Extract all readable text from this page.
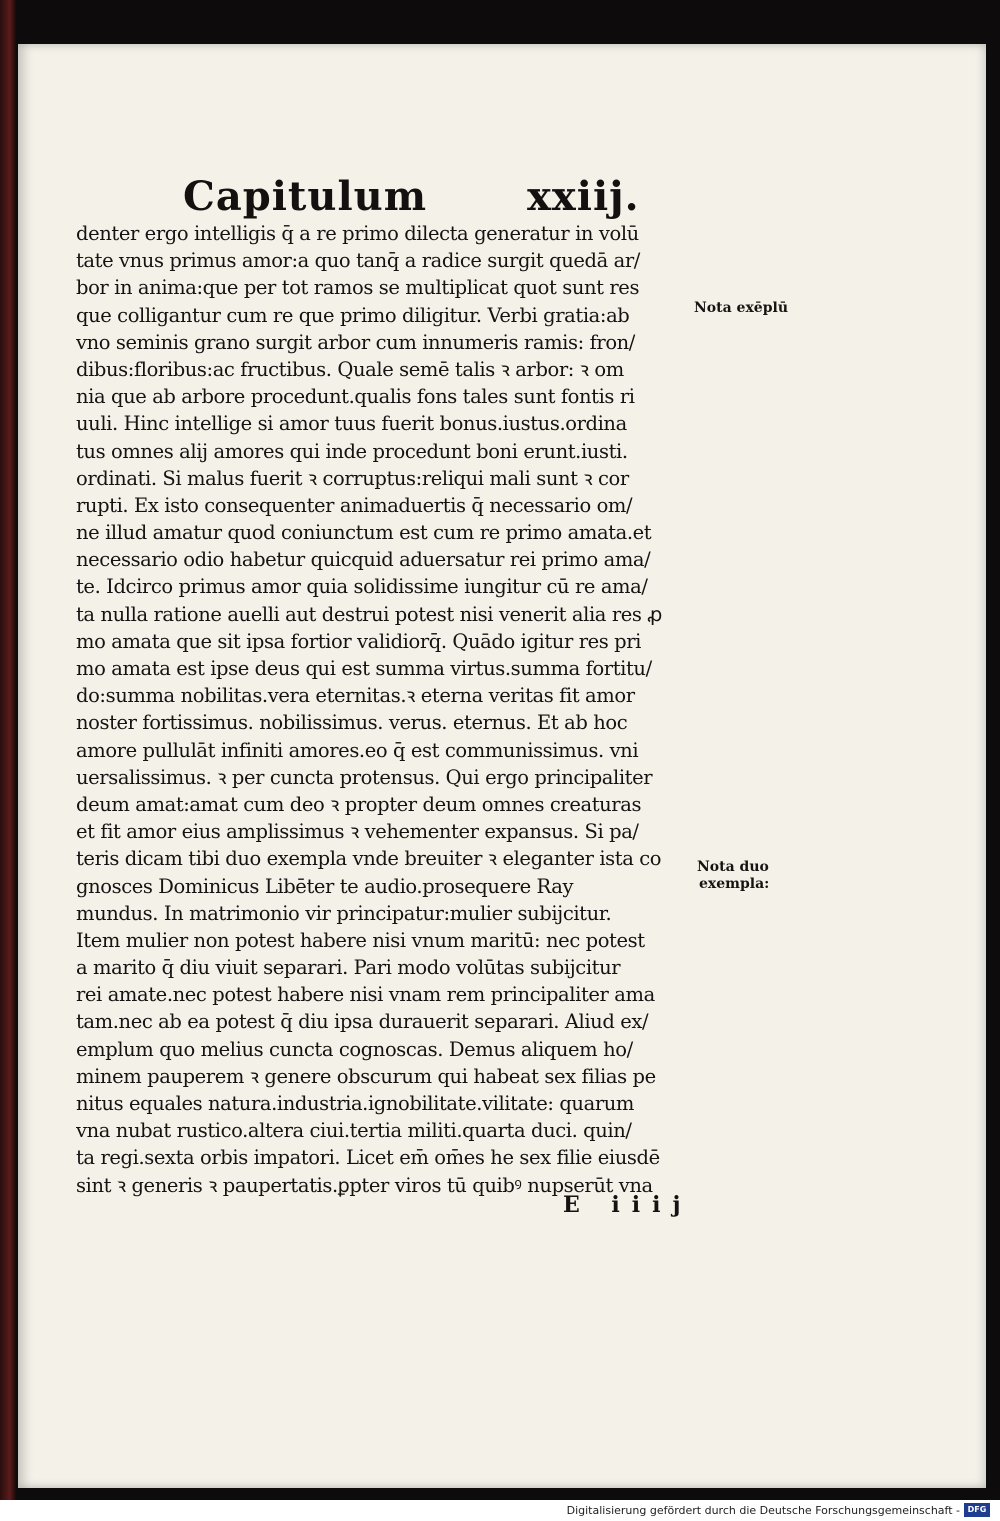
Capitulum	xxiij.
denter ergo intelligis q̄ a re primo dilecta generatur in volū
tate vnus primus amor:a quo tanq̄ a radice surgit quedā ar/
bor in anima:que per tot ramos se multiplicat quot sunt res
que colligantur cum re que primo diligitur. Verbi gratia:ab
vno seminis grano surgit arbor cum innumeris ramis: fron/
dibus:floribus:ac fructibus. Quale semē talis ꝛ arbor: ꝛ om
nia que ab arbore procedunt.qualis fons tales sunt fontis ri
uuli. Hinc intellige si amor tuus fuerit bonus.iustus.ordina
tus omnes alij amores qui inde procedunt boni erunt.iusti.
ordinati. Si malus fuerit ꝛ corruptus:reliqui mali sunt ꝛ cor
rupti. Ex isto consequenter animaduertis q̄ necessario om/
ne illud amatur quod coniunctum est cum re primo amata.et
necessario odio habetur quicquid aduersatur rei primo ama/
te. Idcirco primus amor quia solidissime iungitur cū re ama/
ta nulla ratione auelli aut destrui potest nisi venerit alia res ꝓ
mo amata que sit ipsa fortior validiorq̄. Quādo igitur res pri
mo amata est ipse deus qui est summa virtus.summa fortitu/
do:summa nobilitas.vera eternitas.ꝛ eterna veritas fit amor
noster fortissimus. nobilissimus. verus. eternus. Et ab hoc
amore pullulāt infiniti amores.eo q̄ est communissimus. vni
uersalissimus. ꝛ per cuncta protensus. Qui ergo principaliter
deum amat:amat cum deo ꝛ propter deum omnes creaturas
et fit amor eius amplissimus ꝛ vehementer expansus. Si pa/
teris dicam tibi duo exempla vnde breuiter ꝛ eleganter ista co
gnosces Dominicus Libēter te audio.prosequere Ray
mundus. In matrimonio vir principatur:mulier subijcitur.
Item mulier non potest habere nisi vnum maritū: nec potest
a marito q̄ diu viuit separari. Pari modo volūtas subijcitur
rei amate.nec potest habere nisi vnam rem principaliter ama
tam.nec ab ea potest q̄ diu ipsa durauerit separari. Aliud ex/
emplum quo melius cuncta cognoscas. Demus aliquem ho/
minem pauperem ꝛ genere obscurum qui habeat sex filias pe
nitus equales natura.industria.ignobilitate.vilitate: quarum
vna nubat rustico.altera ciui.tertia militi.quarta duci. quin/
ta regi.sexta orbis impatori. Licet em̄ om̄es he sex filie eiusdē
sint ꝛ generis ꝛ paupertatis.ꝑpter viros tū quibꝰ nupserūt vna
Nota exēplū
Nota duo
exempla:
E iiij
Digitalisierung gefördert durch die Deutsche Forschungsgemeinschaft - DFG
